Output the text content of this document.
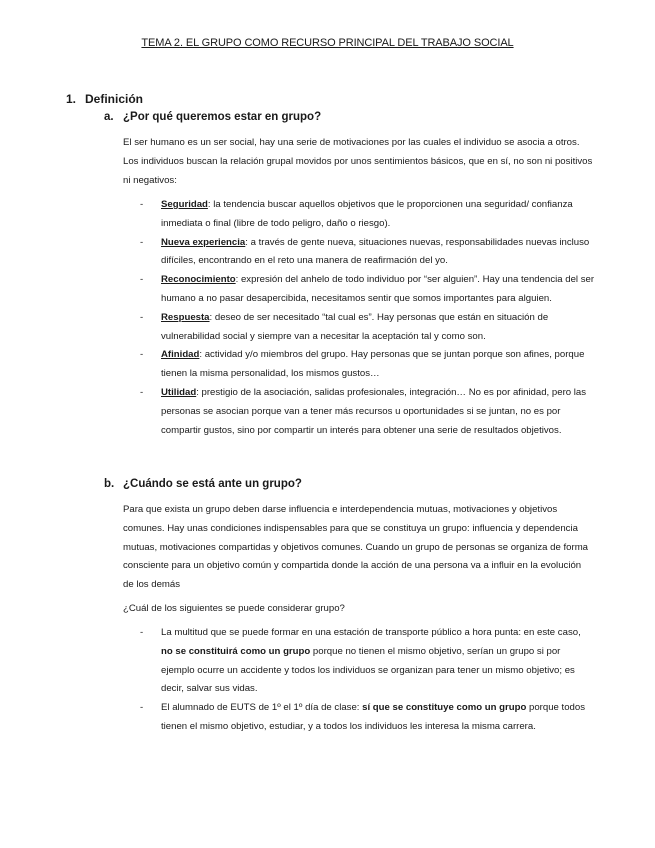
TEMA 2. EL GRUPO COMO RECURSO PRINCIPAL DEL TRABAJO SOCIAL
1. Definición
a. ¿Por qué queremos estar en grupo?

El ser humano es un ser social, hay una serie de motivaciones por las cuales el individuo se asocia a otros. Los individuos buscan la relación grupal movidos por unos sentimientos básicos, que en sí, no son ni positivos ni negativos:

- Seguridad: la tendencia buscar aquellos objetivos que le proporcionen una seguridad/ confianza inmediata o final (libre de todo peligro, daño o riesgo).
- Nueva experiencia: a través de gente nueva, situaciones nuevas, responsabilidades nuevas incluso difíciles, encontrando en el reto una manera de reafirmación del yo.
- Reconocimiento: expresión del anhelo de todo individuo por “ser alguien”. Hay una tendencia del ser humano a no pasar desapercibida, necesitamos sentir que somos importantes para alguien.
- Respuesta: deseo de ser necesitado “tal cual es”. Hay personas que están en situación de vulnerabilidad social y siempre van a necesitar la aceptación tal y como son.
- Afinidad: actividad y/o miembros del grupo. Hay personas que se juntan porque son afines, porque tienen la misma personalidad, los mismos gustos…
- Utilidad: prestigio de la asociación, salidas profesionales, integración… No es por afinidad, pero las personas se asocian porque van a tener más recursos u oportunidades si se juntan, no es por compartir gustos, sino por compartir un interés para obtener una serie de resultados objetivos.
b. ¿Cuándo se está ante un grupo?

Para que exista un grupo deben darse influencia e interdependencia mutuas, motivaciones y objetivos comunes. Hay unas condiciones indispensables para que se constituya un grupo: influencia y dependencia mutuas, motivaciones compartidas y objetivos comunes. Cuando un grupo de personas se organiza de forma consciente para un objetivo común y compartida donde la acción de una persona va a influir en la evolución de los demás

¿Cuál de los siguientes se puede considerar grupo?

- La multitud que se puede formar en una estación de transporte público a hora punta: en este caso, no se constituirá como un grupo porque no tienen el mismo objetivo, serían un grupo si por ejemplo ocurre un accidente y todos los individuos se organizan para tener un mismo objetivo; es decir, salvar sus vidas.
- El alumnado de EUTS de 1º el 1º día de clase: sí que se constituye como un grupo porque todos tienen el mismo objetivo, estudiar, y a todos los individuos les interesa la misma carrera.
